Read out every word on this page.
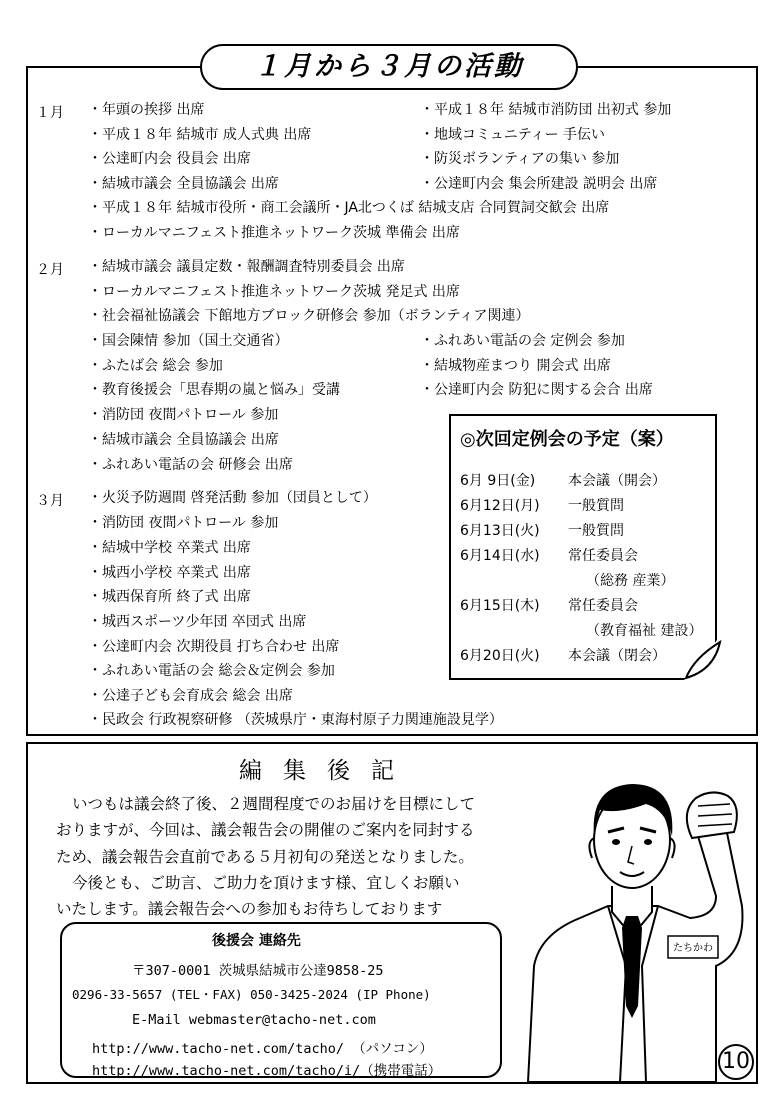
１月から３月の活動
１月 ・年頭の挨拶 出席
・平成１８年 結城市 成人式典 出席
・公達町内会 役員会 出席
・結城市議会 全員協議会 出席
・平成１８年 結城市役所・商工会議所・JA北つくば 結城支店 合同賀詞交歓会 出席
・ローカルマニフェスト推進ネットワーク茨城 準備会 出席
・平成１８年 結城市消防団 出初式 参加
・地域コミュニティー 手伝い
・防災ボランティアの集い 参加
・公達町内会 集会所建設 説明会 出席
２月 ・結城市議会 議員定数・報酬調査特別委員会 出席
・ローカルマニフェスト推進ネットワーク茨城 発足式 出席
・社会福祉協議会 下館地方ブロック研修会 参加（ボランティア関連）
・国会陳情 参加（国土交通省）
・ふたば会 総会 参加
・教育後援会「思春期の嵐と悩み」受講
・消防団 夜間パトロール 参加
・結城市議会 全員協議会 出席
・ふれあい電話の会 研修会 出席
・ふれあい電話の会 定例会 参加
・結城物産まつり 開会式 出席
・公達町内会 防犯に関する会合 出席
３月 ・火災予防週間 啓発活動 参加（団員として）
・消防団 夜間パトロール 参加
・結城中学校 卒業式 出席
・城西小学校 卒業式 出席
・城西保育所 終了式 出席
・城西スポーツ少年団 卒団式 出席
・公達町内会 次期役員 打ち合わせ 出席
・ふれあい電話の会 総会＆定例会 参加
・公達子ども会育成会 総会 出席
・民政会 行政視察研修 （茨城県庁・東海村原子力関連施設見学）
◎次回定例会の予定（案）
6月 9日(金) 本会議（開会）
6月12日(月) 一般質問
6月13日(火) 一般質問
6月14日(水) 常任委員会
（総務 産業）
6月15日(木) 常任委員会
（教育福祉 建設）
6月20日(火) 本会議（閉会）
編集後記
いつもは議会終了後、２週間程度でのお届けを目標にして
おりますが、今回は、議会報告会の開催のご案内を同封する
ため、議会報告会直前である５月初旬の発送となりました。
今後とも、ご助言、ご助力を頂けます様、宜しくお願い
いたします。議会報告会への参加もお待ちしております
後援会 連絡先
〒307-0001 茨城県結城市公達9858-25
0296-33-5657 (TEL・FAX) 050-3425-2024 (IP Phone)
E-Mail webmaster@tacho-net.com
http://www.tacho-net.com/tacho/ （パソコン）
http://www.tacho-net.com/tacho/i/（携帯電話）
たちかわ
10
